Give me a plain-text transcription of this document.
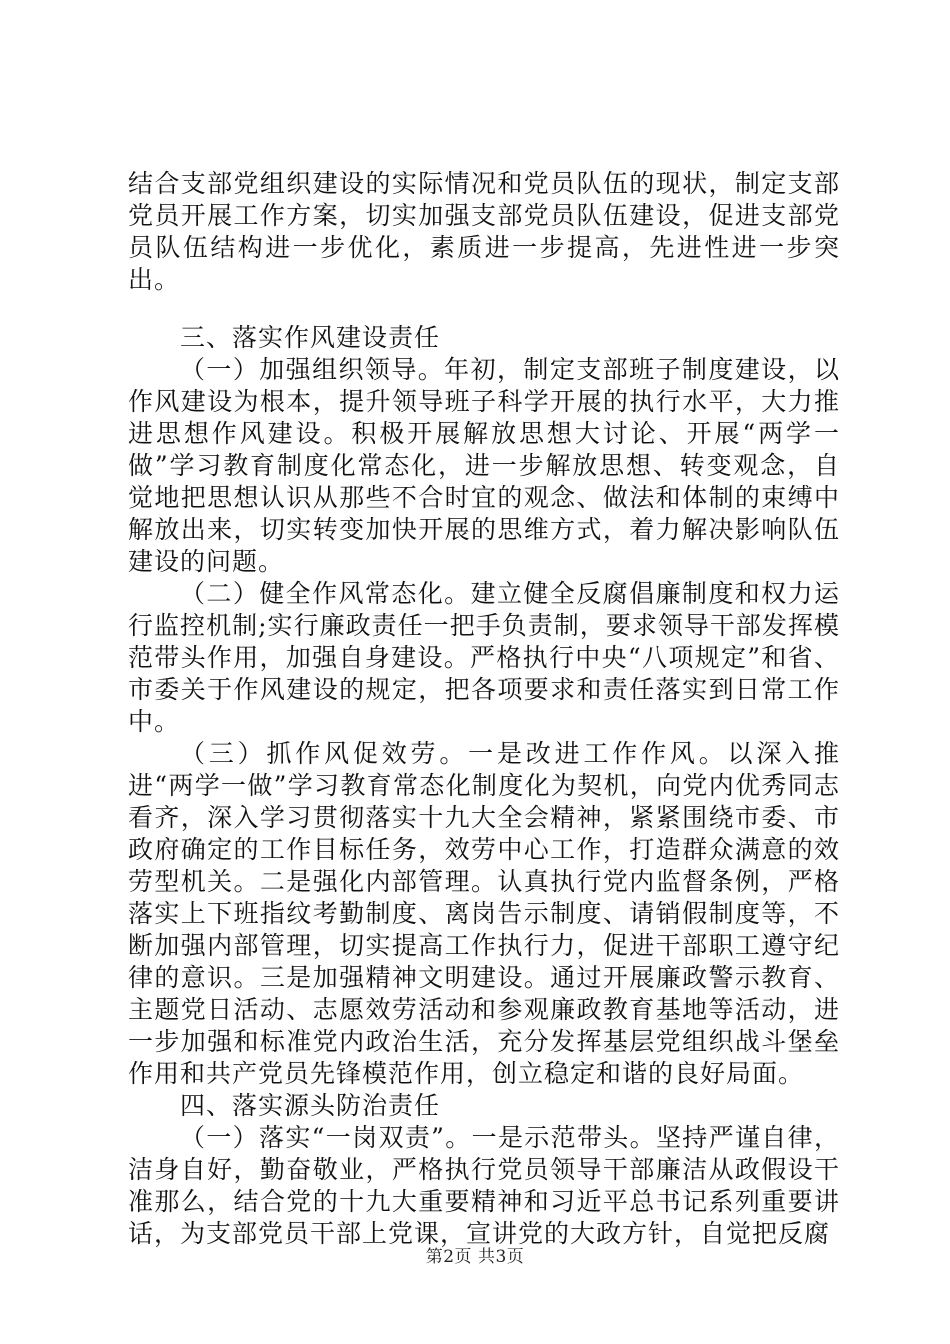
结合支部党组织建设的实际情况和党员队伍的现状，制定支部党员开展工作方案，切实加强支部党员队伍建设，促进支部党员队伍结构进一步优化，素质进一步提高，先进性进一步突出。

三、落实作风建设责任

（一）加强组织领导。年初，制定支部班子制度建设，以作风建设为根本，提升领导班子科学开展的执行水平，大力推进思想作风建设。积极开展解放思想大讨论、开展“两学一做”学习教育制度化常态化，进一步解放思想、转变观念，自觉地把思想认识从那些不合时宜的观念、做法和体制的束缚中解放出来，切实转变加快开展的思维方式，着力解决影响队伍建设的问题。

（二）健全作风常态化。建立健全反腐倡廉制度和权力运行监控机制;实行廉政责任一把手负责制，要求领导干部发挥模范带头作用，加强自身建设。严格执行中央“八项规定”和省、市委关于作风建设的规定，把各项要求和责任落实到日常工作中。

（三）抓作风促效劳。一是改进工作作风。以深入推进“两学一做”学习教育常态化制度化为契机，向党内优秀同志看齐，深入学习贯彻落实十九大全会精神，紧紧围绕市委、市政府确定的工作目标任务，效劳中心工作，打造群众满意的效劳型机关。二是强化内部管理。认真执行党内监督条例，严格落实上下班指纹考勤制度、离岗告示制度、请销假制度等，不断加强内部管理，切实提高工作执行力，促进干部职工遵守纪律的意识。三是加强精神文明建设。通过开展廉政警示教育、主题党日活动、志愿效劳活动和参观廉政教育基地等活动，进一步加强和标准党内政治生活，充分发挥基层党组织战斗堡垒作用和共产党员先锋模范作用，创立稳定和谐的良好局面。

四、落实源头防治责任

（一）落实“一岗双责”。一是示范带头。坚持严谨自律，洁身自好，勤奋敬业，严格执行党员领导干部廉洁从政假设干准那么，结合党的十九大重要精神和习近平总书记系列重要讲话，为支部党员干部上党课，宣讲党的大政方针，自觉把反腐

第2页 共3页
